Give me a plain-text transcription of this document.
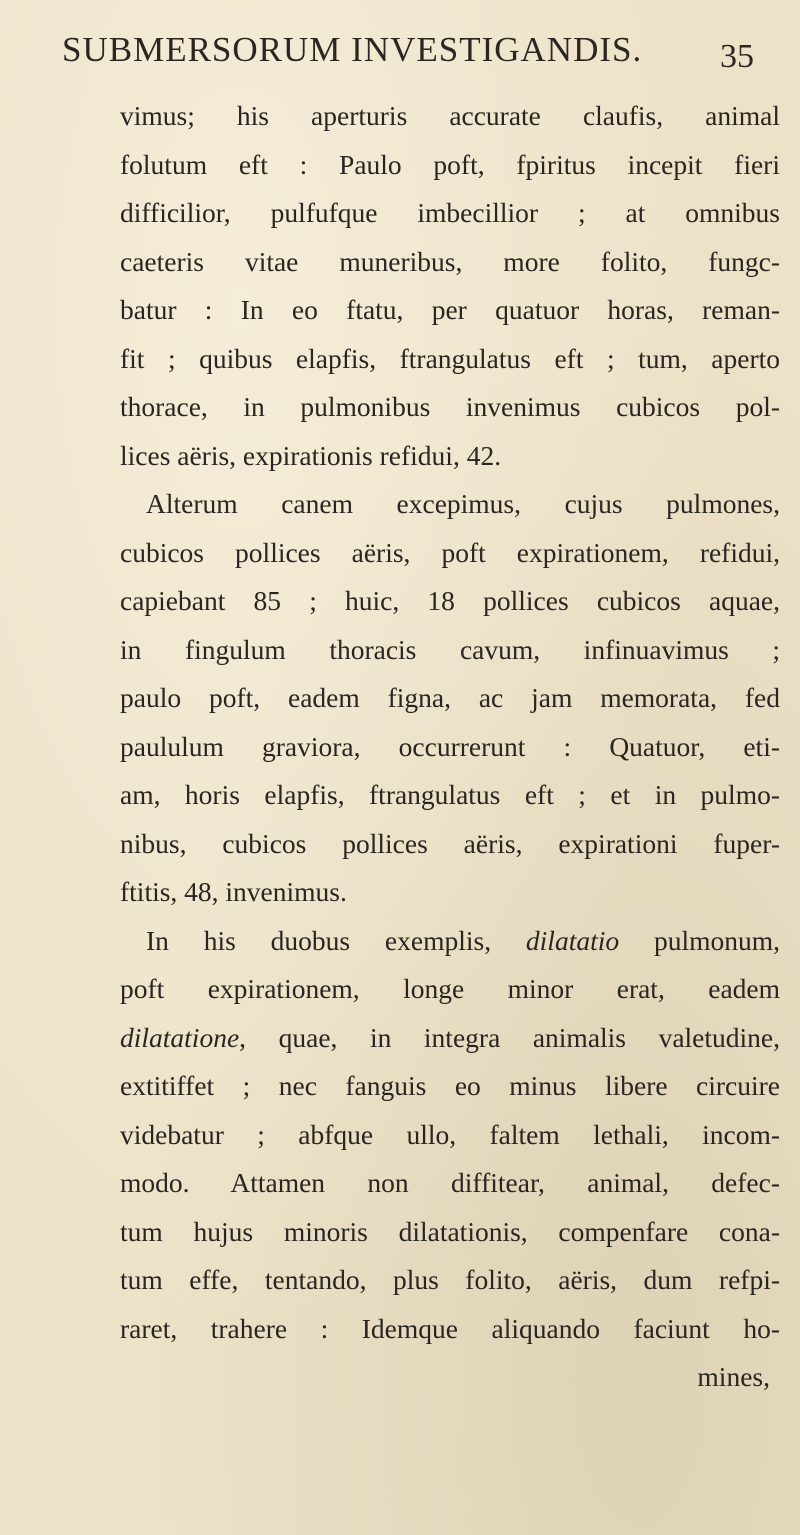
SUBMERSORUM INVESTIGANDIS. 35
vimus; his aperturis accurate claufis, animal
folutum eft : Paulo poft, fpiritus incepit fieri
difficilior, pulfufque imbecillior ; at omnibus
caeteris vitae muneribus, more folito, fungc-
batur : In eo ftatu, per quatuor horas, reman-
fit ; quibus elapfis, ftrangulatus eft ; tum, aperto
thorace, in pulmonibus invenimus cubicos pol-
lices aëris, expirationis refidui, 42.
Alterum canem excepimus, cujus pulmones,
cubicos pollices aëris, poft expirationem, refidui,
capiebant 85 ; huic, 18 pollices cubicos aquae,
in fingulum thoracis cavum, infinuavimus ;
paulo poft, eadem figna, ac jam memorata, fed
paululum graviora, occurrerunt : Quatuor, eti-
am, horis elapfis, ftrangulatus eft ; et in pulmo-
nibus, cubicos pollices aëris, expirationi fuper-
ftitis, 48, invenimus.
In his duobus exemplis, dilatatio pulmonum,
poft expirationem, longe minor erat, eadem
dilatatione, quae, in integra animalis valetudine,
extitiffet ; nec fanguis eo minus libere circuire
videbatur ; abfque ullo, faltem lethali, incom-
modo. Attamen non diffitear, animal, defec-
tum hujus minoris dilatationis, compenfare cona-
tum effe, tentando, plus folito, aëris, dum refpi-
raret, trahere : Idemque aliquando faciunt ho-
mines,
